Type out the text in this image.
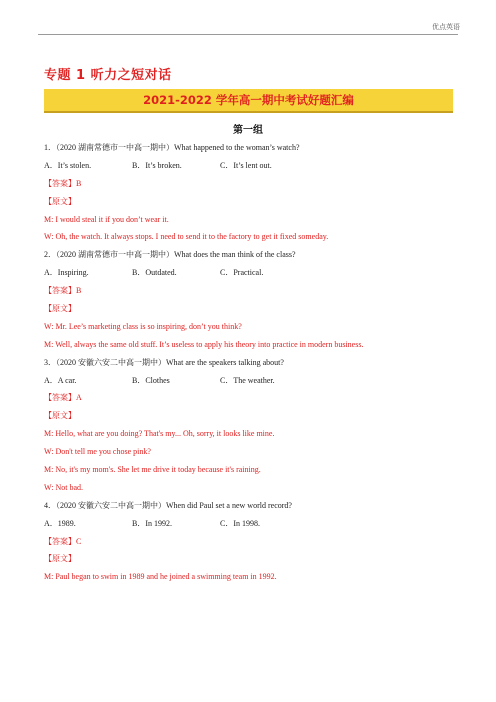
优点英语
专题 1 听力之短对话
2021-2022 学年高一期中考试好题汇编
第一组
1．（2020 湖南常德市一中高一期中）What happened to the woman’s watch?
A．It’s stolen.	B．It’s broken.	C．It’s lent out.
【答案】B
【原文】
M: I would steal it if you don’t wear it.
W: Oh, the watch. It always stops. I need to send it to the factory to get it fixed someday.
2．（2020 湖南常德市一中高一期中）What does the man think of the class?
A．Inspiring.	B．Outdated.	C．Practical.
【答案】B
【原文】
W: Mr. Lee’s marketing class is so inspiring, don’t you think?
M: Well, always the same old stuff. It’s useless to apply his theory into practice in modern business.
3．（2020 安徽六安二中高一期中）What are the speakers talking about?
A．A car.	B．Clothes	C．The weather.
【答案】A
【原文】
M: Hello, what are you doing? That's my... Oh, sorry, it looks like mine.
W: Don't tell me you chose pink?
M: No, it's my mom's. She let me drive it today because it's raining.
W: Not bad.
4．（2020 安徽六安二中高一期中）When did Paul set a new world record?
A．1989.	B．In 1992.	C．In 1998.
【答案】C
【原文】
M: Paul began to swim in 1989 and he joined a swimming team in 1992.
